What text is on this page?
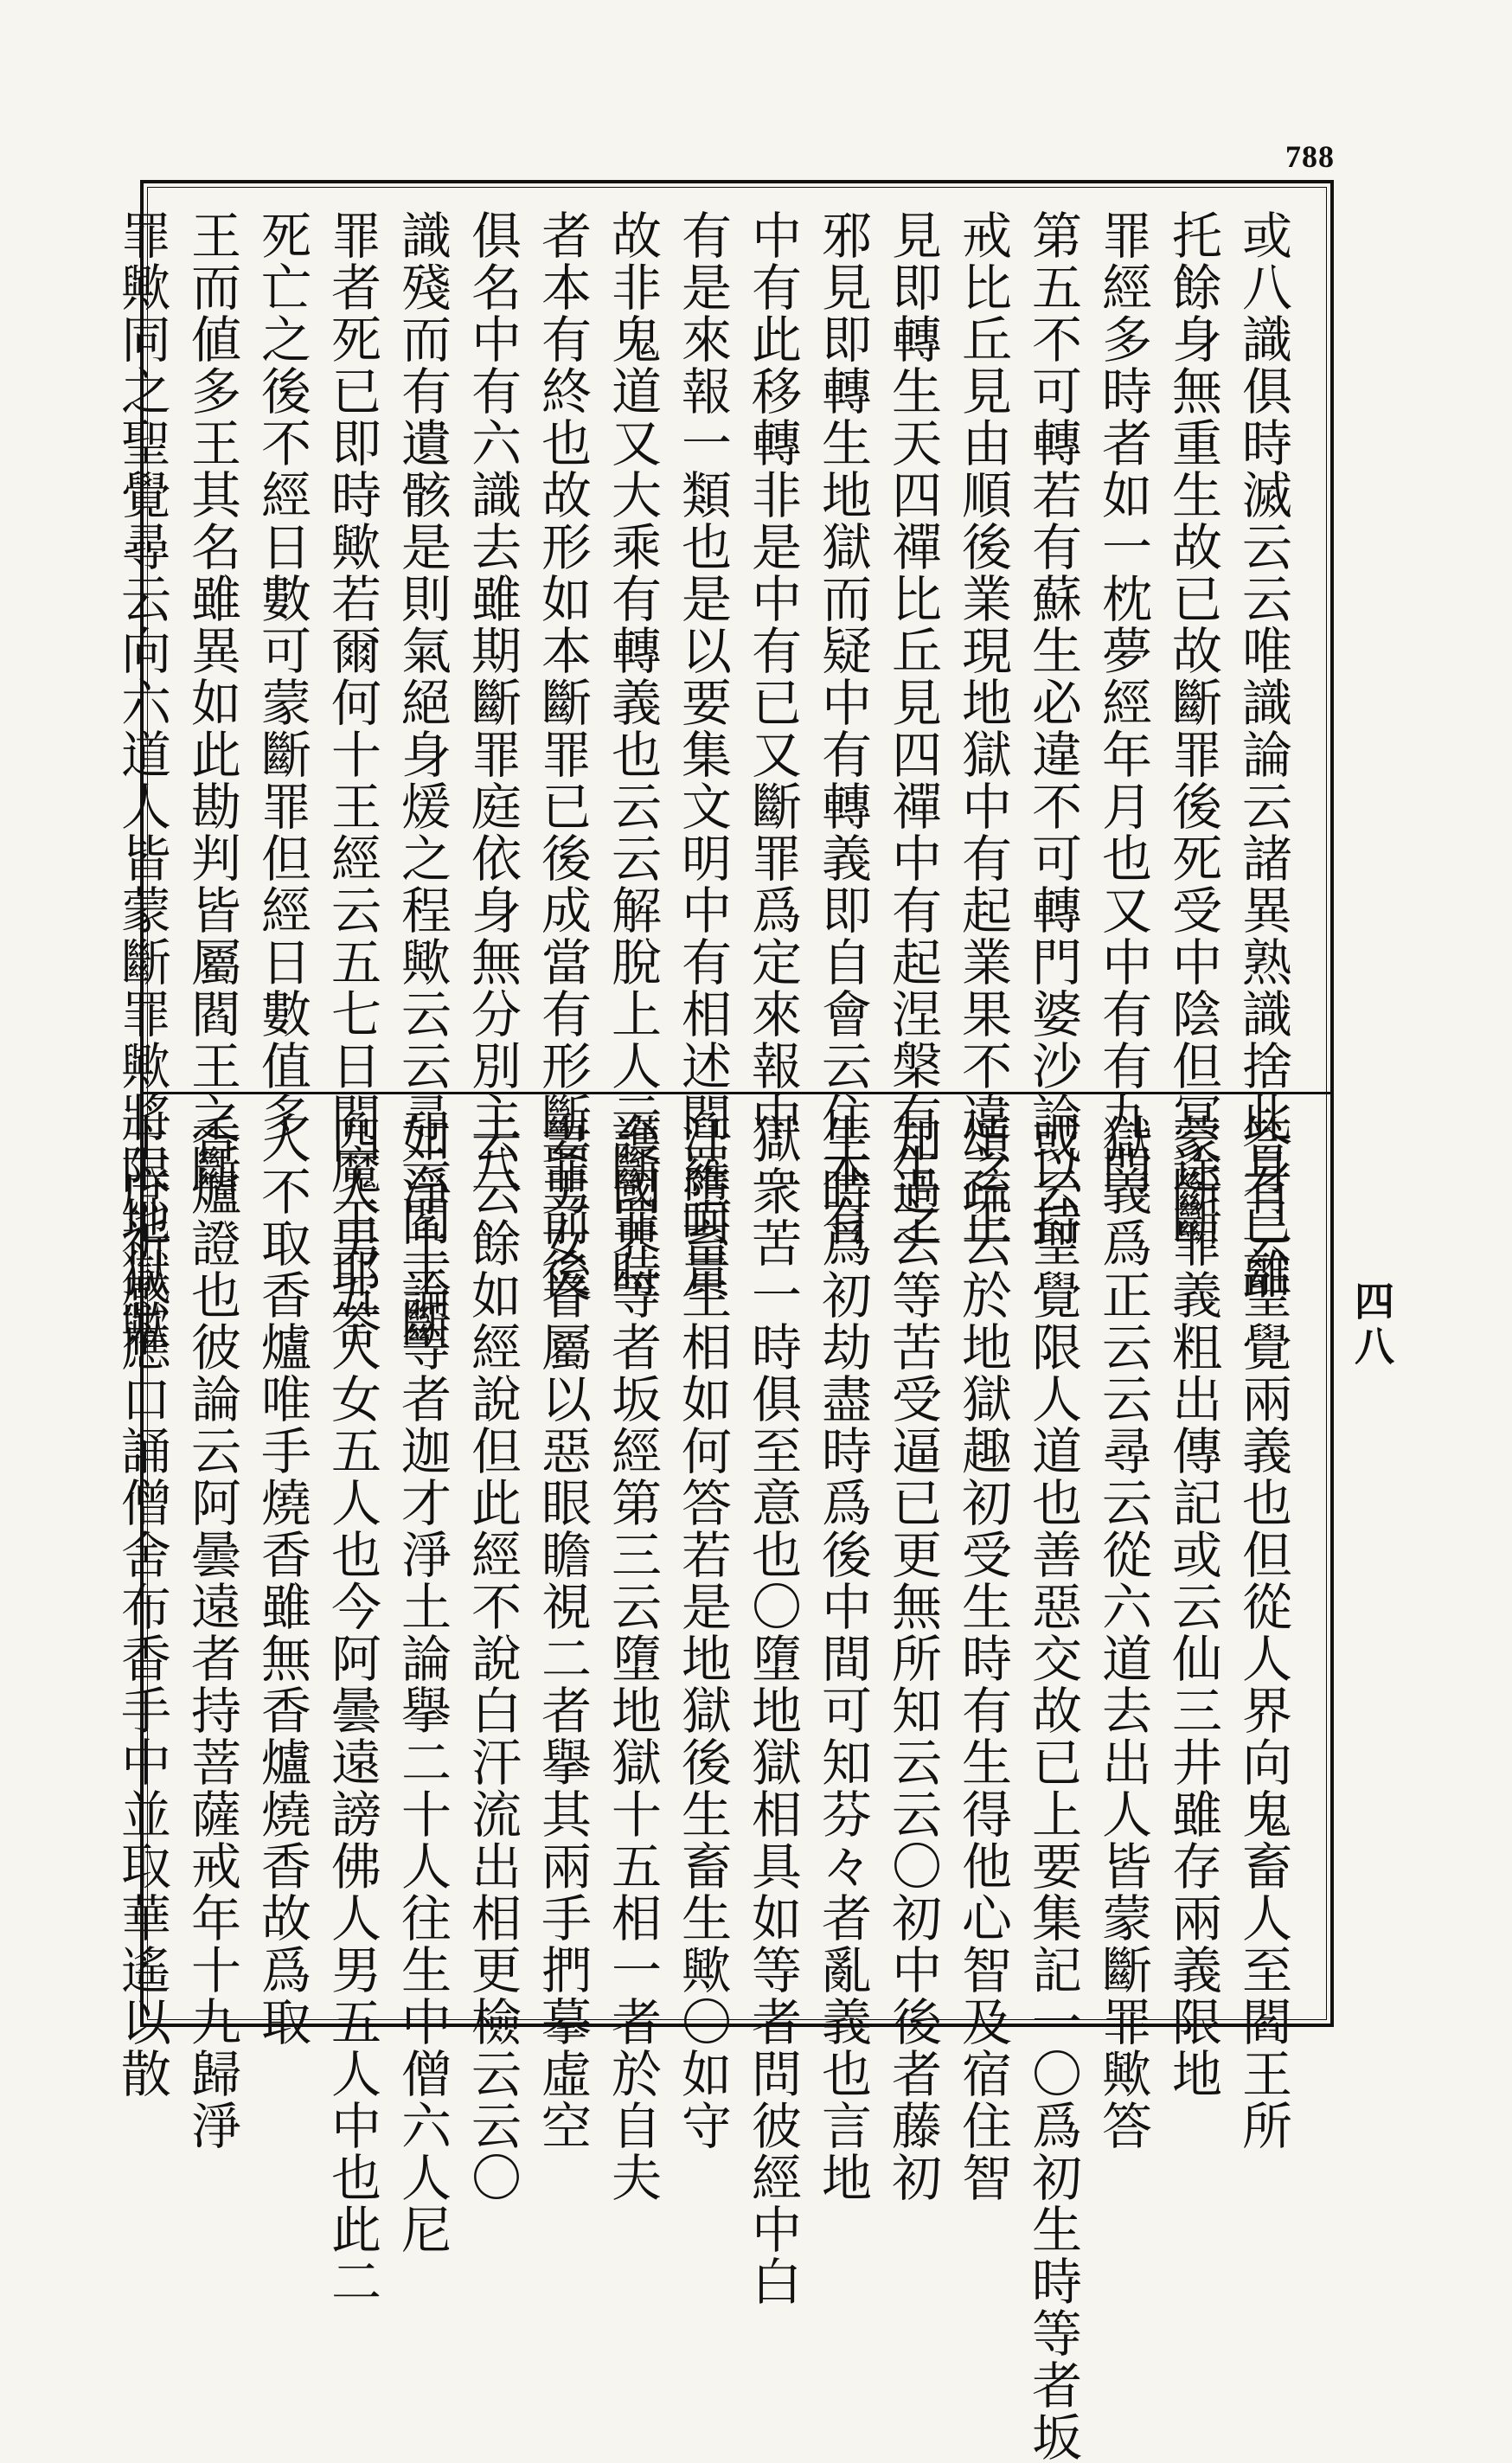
788
或八識俱時滅云云唯識論云諸異熟識捨此身已離
托餘身無重生故已故斷罪後死受中陰但冥途斷
罪經多時者如一枕夢經年月也又中有有九門
第五不可轉若有蘇生必違不可轉門婆沙論以持
戒比丘見由順後業現地獄中有起業果不違之正
見即轉生天四禪比丘見四禪中有起涅槃有生之
邪見即轉生地獄而疑中有轉義即自會云住本有
中有此移轉非是中有已又斷罪爲定來報中
有是來報一類也是以要集文明中有相述閻羅呵責
故非鬼道又大乘有轉義也云云解脫上人云斷罪時
者本有終也故形如本斷罪已後成當有形斷罪前後
俱名中有六識去雖期斷罪庭依身無分別主八
識殘而有遺骸是則氣絕身煖之程歟云云尋云閻王斷
罪者死已即時歟若爾何十王經云五七日閻魔王耶答
死亡之後不經日數可蒙斷罪但經日數值多
王而値多王其名雖異如此勘判皆屬閻王之斷
罪歟同之聖覺尋云向六道人皆蒙斷罪歟將限地獄歟
答有云聖覺兩義也但從人界向鬼畜人至閻王所
蒙斷罪義粗出傳記或云仙三井雖存兩義限地
獄義爲正云云尋云從六道去出人皆蒙斷罪歟答
或云聖覺限人道也善惡交故已上要集記一〇爲初生時等者坂
頌疏云於地獄趣初受生時有生得他心智及宿住智
知過去等苦受逼已更無所知云云〇初中後者藤初
生時爲初劫盡時爲後中間可知芬々者亂義也言地
獄衆苦一時俱至意也〇墮地獄相具如等者問彼經中白
汗墮畜生相如何答若是地獄後生畜生歟〇如守
護國界等者坂經第三云墮地獄十五相一者於自夫
妻男女眷屬以惡眼瞻視二者擧其兩手捫摹虛空
云云餘如經說但此經不說白汗流出相更檢云云〇
如淨土論等者迦才淨土論擧二十人往生中僧六人尼
四人男五人女五人也今阿曇遠謗佛人男五人中也此二
人不取香爐唯手燒香雖無香爐燒香故爲取
香爐證也彼論云阿曇遠者持菩薩戒年十九歸淨
土庶祈感應口誦僧舍布香手中並取華遙以散	四八
